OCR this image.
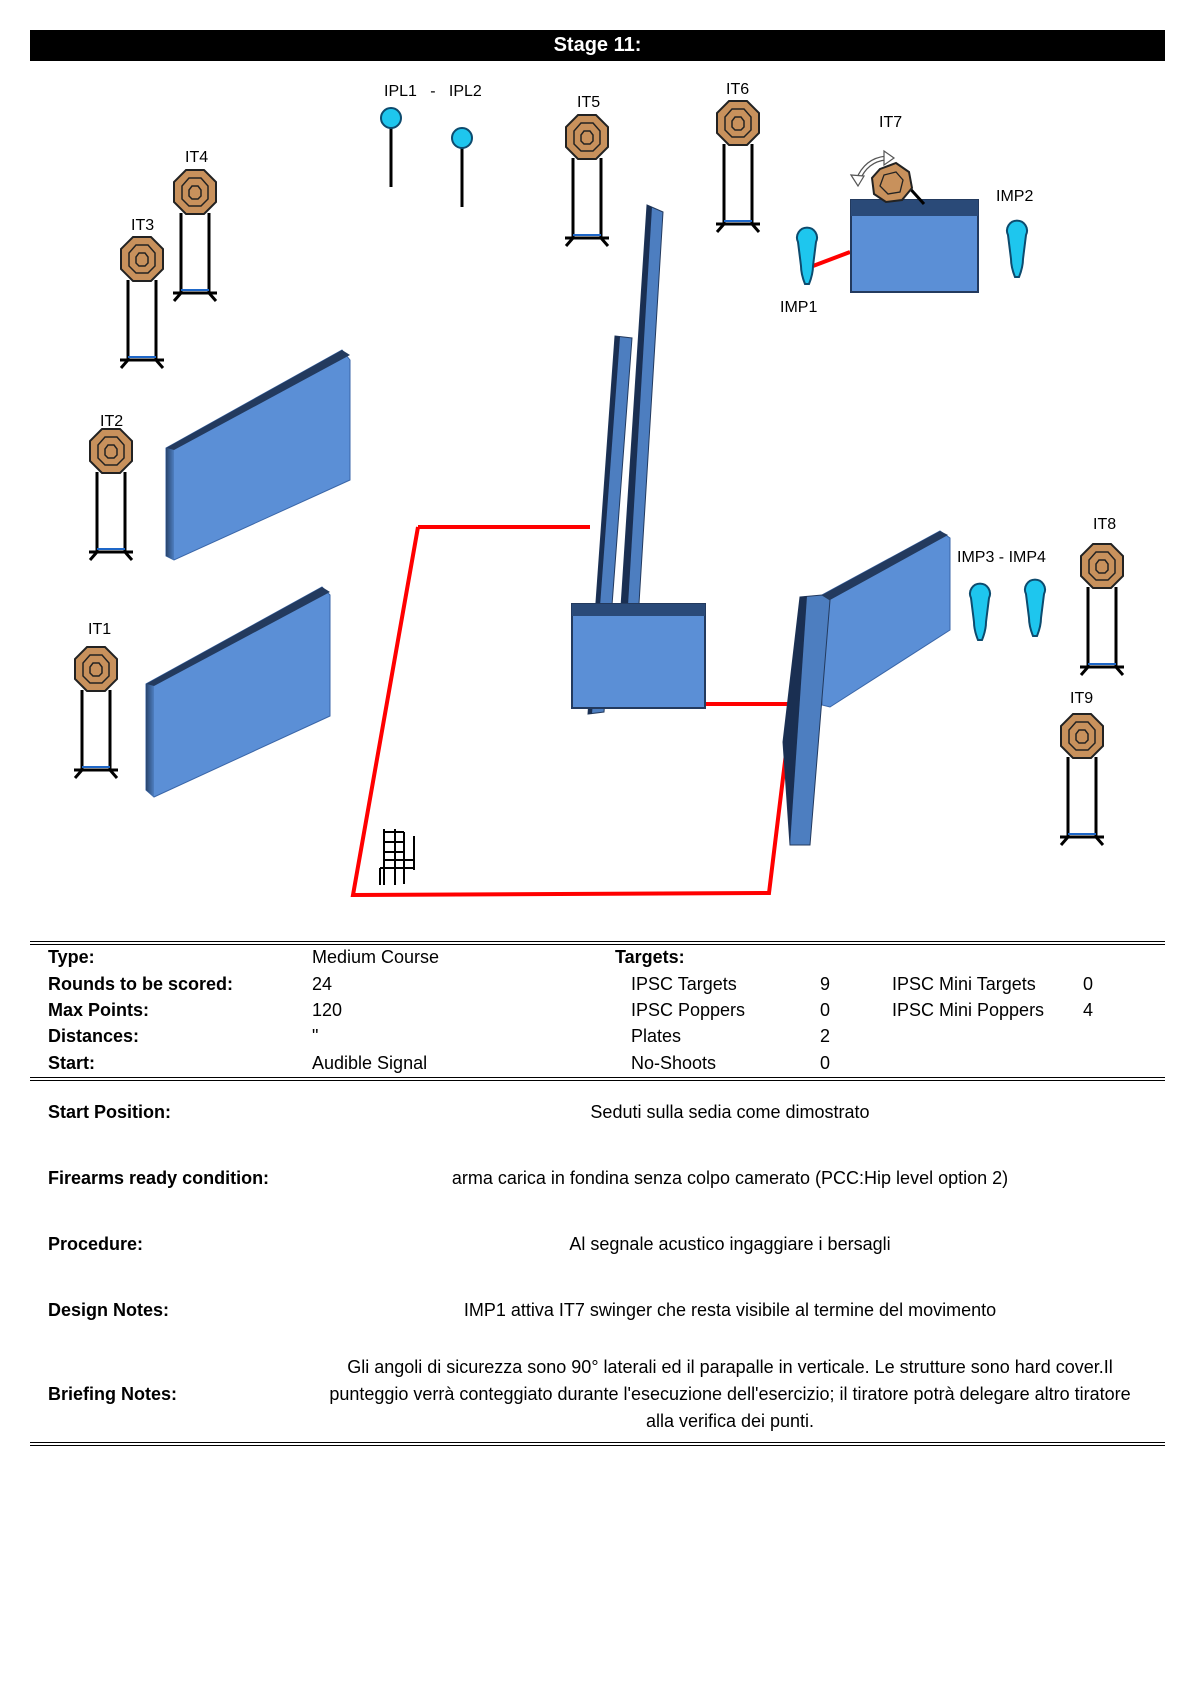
Stage 11:
IPL1   -   IPL2
IT1
IT2
IT3
IT4
IT5
IT6
IT7
IT8
IT9
IMP1
IMP2
IMP3 - IMP4
Type:	Medium Course	Targets:
Rounds to be scored:	24	IPSC Targets	9	IPSC Mini Targets	0
Max Points:	120	IPSC Poppers	0	IPSC Mini Poppers 4
Distances:	"	Plates	2
Start:	Audible Signal	No-Shoots	0
Start Position:	Seduti sulla sedia come dimostrato
Firearms ready condition:	arma carica in fondina senza colpo camerato (PCC:Hip level option 2)
Procedure:	Al segnale acustico ingaggiare i bersagli
Design Notes:	IMP1 attiva IT7 swinger che resta visibile al termine del movimento
Briefing Notes:
Gli angoli di sicurezza sono 90° laterali ed il parapalle in verticale. Le strutture sono hard cover.Il punteggio verrà conteggiato durante l'esecuzione dell'esercizio; il tiratore potrà delegare altro tiratore alla verifica dei punti.
